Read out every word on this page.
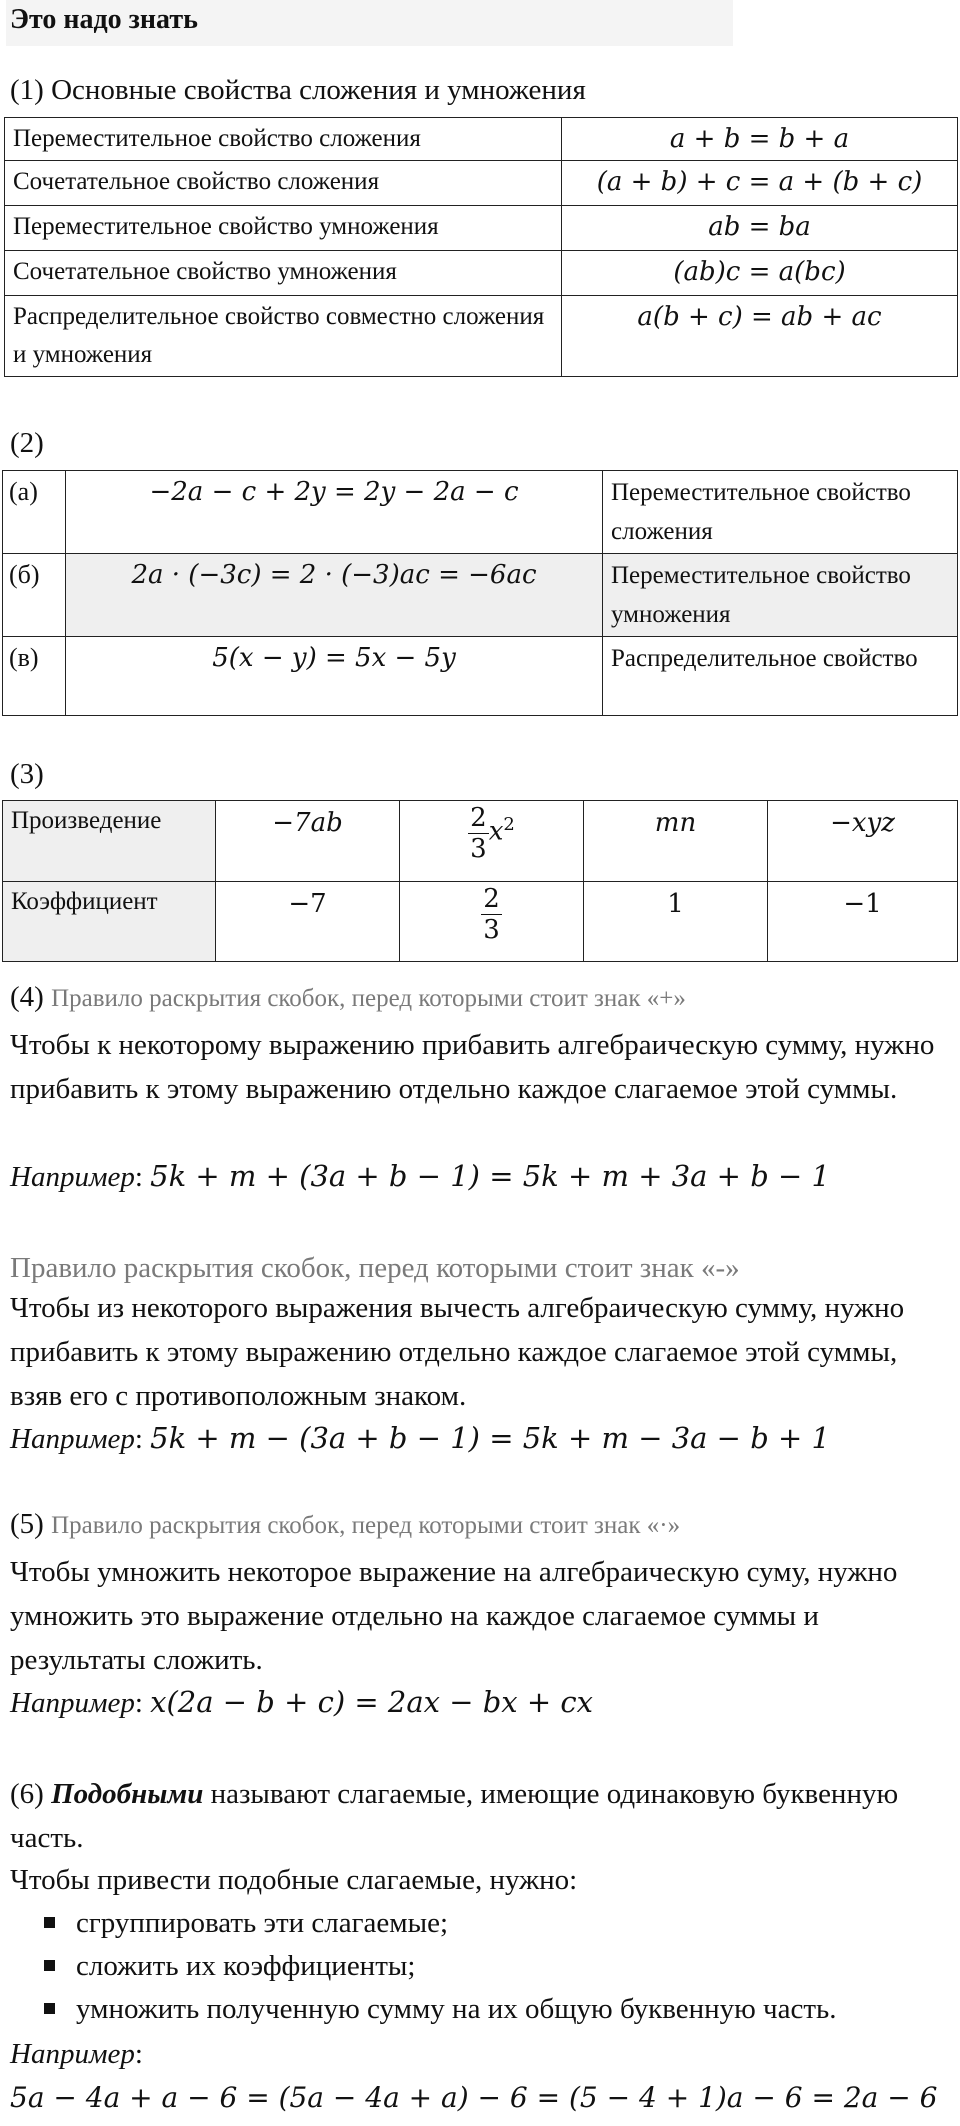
Это надо знать
(1) Основные свойства сложения и умножения
Переместительное свойство сложения	a + b = b + a
Сочетательное свойство сложения	(a + b) + c = a + (b + c)
Переместительное свойство умножения	ab = ba
Сочетательное свойство умножения	(ab)c = a(bc)
Распределительное свойство совместно сложения и умножения	a(b + c) = ab + ac
(2)
(а)	−2a − c + 2y = 2y − 2a − c	Переместительное свойство сложения
(б)	2a · (−3c) = 2 · (−3)ac = −6ac	Переместительное свойство умножения
(в)	5(x − y) = 5x − 5y	Распределительное свойство
(3)
Произведение	−7ab	$\frac{2}{3} x^2$	mn	−xyz
Коэффициент	−7	$\frac{2}{3}$	1	−1
(4) Правило раскрытия скобок, перед которыми стоит знак «+»
Чтобы к некоторому выражению прибавить алгебраическую сумму, нужно прибавить к этому выражению отдельно каждое слагаемое этой суммы.
Например: 5k + m + (3a + b − 1) = 5k + m + 3a + b − 1
Правило раскрытия скобок, перед которыми стоит знак «-»
Чтобы из некоторого выражения вычесть алгебраическую сумму, нужно прибавить к этому выражению отдельно каждое слагаемое этой суммы, взяв его с противоположным знаком.
Например: 5k + m − (3a + b − 1) = 5k + m − 3a − b + 1
(5) Правило раскрытия скобок, перед которыми стоит знак «·»
Чтобы умножить некоторое выражение на алгебраическую суму, нужно умножить это выражение отдельно на каждое слагаемое суммы и результаты сложить.
Например: x(2a − b + c) = 2ax − bx + cx
(6) Подобными называют слагаемые, имеющие одинаковую буквенную часть.
Чтобы привести подобные слагаемые, нужно:
сгруппировать эти слагаемые;
сложить их коэффициенты;
умножить полученную сумму на их общую буквенную часть.
Например:
5a − 4a + a − 6 = (5a − 4a + a) − 6 = (5 − 4 + 1)a − 6 = 2a − 6
